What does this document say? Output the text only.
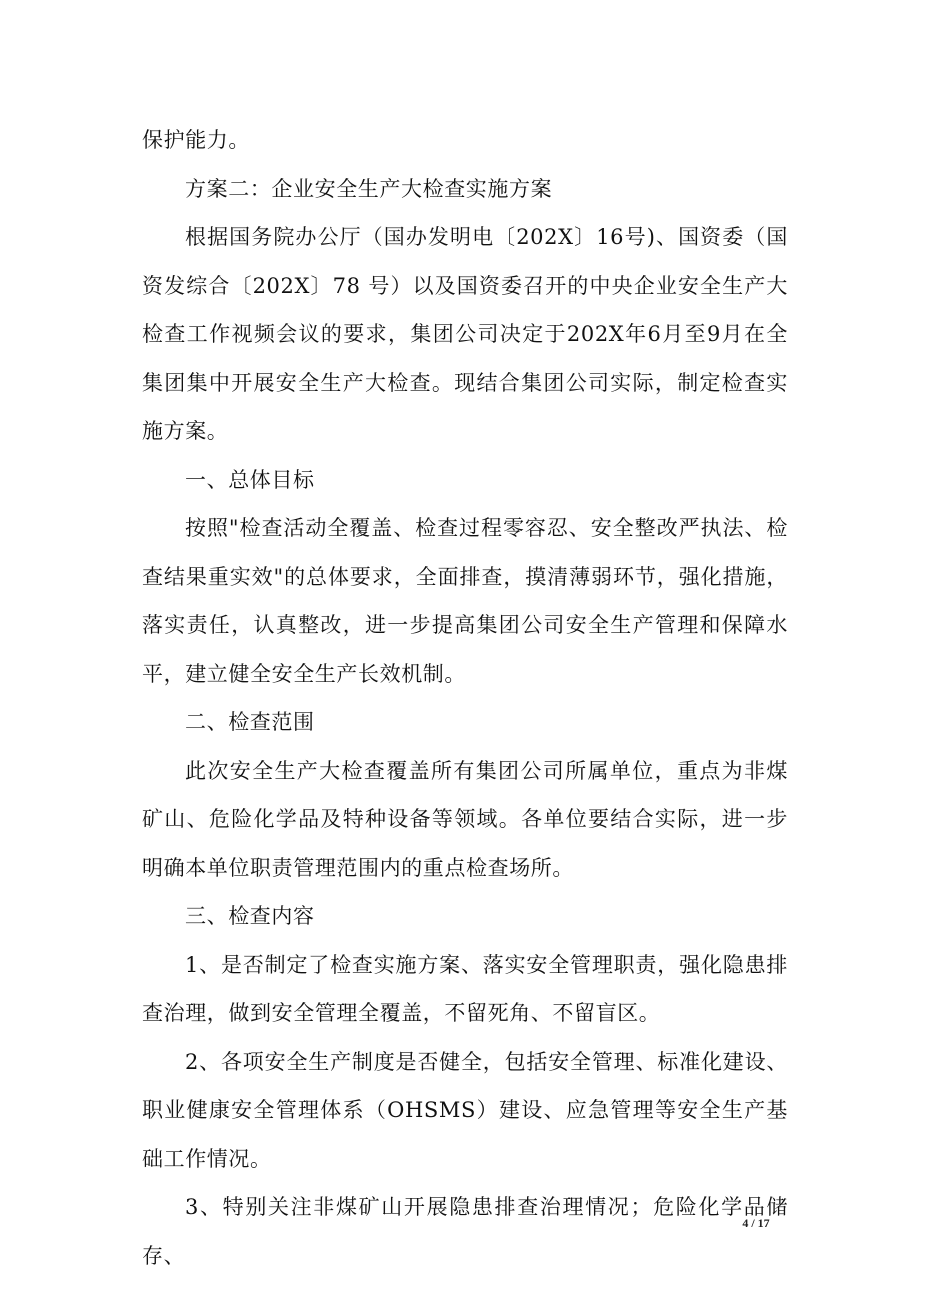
保护能力。

方案二：企业安全生产大检查实施方案

根据国务院办公厅（国办发明电〔202X〕16号)、国资委（国资发综合〔202X〕78 号）以及国资委召开的中央企业安全生产大检查工作视频会议的要求，集团公司决定于202X年6月至9月在全集团集中开展安全生产大检查。现结合集团公司实际，制定检查实施方案。

一、总体目标

按照"检查活动全覆盖、检查过程零容忍、安全整改严执法、检查结果重实效"的总体要求，全面排查，摸清薄弱环节，强化措施，落实责任，认真整改，进一步提高集团公司安全生产管理和保障水平，建立健全安全生产长效机制。

二、检查范围

此次安全生产大检查覆盖所有集团公司所属单位，重点为非煤矿山、危险化学品及特种设备等领域。各单位要结合实际，进一步明确本单位职责管理范围内的重点检查场所。

三、检查内容

1、是否制定了检查实施方案、落实安全管理职责，强化隐患排查治理，做到安全管理全覆盖，不留死角、不留盲区。

2、各项安全生产制度是否健全，包括安全管理、标准化建设、职业健康安全管理体系（OHSMS）建设、应急管理等安全生产基础工作情况。

3、特别关注非煤矿山开展隐患排查治理情况；危险化学品储存、

4 / 17
